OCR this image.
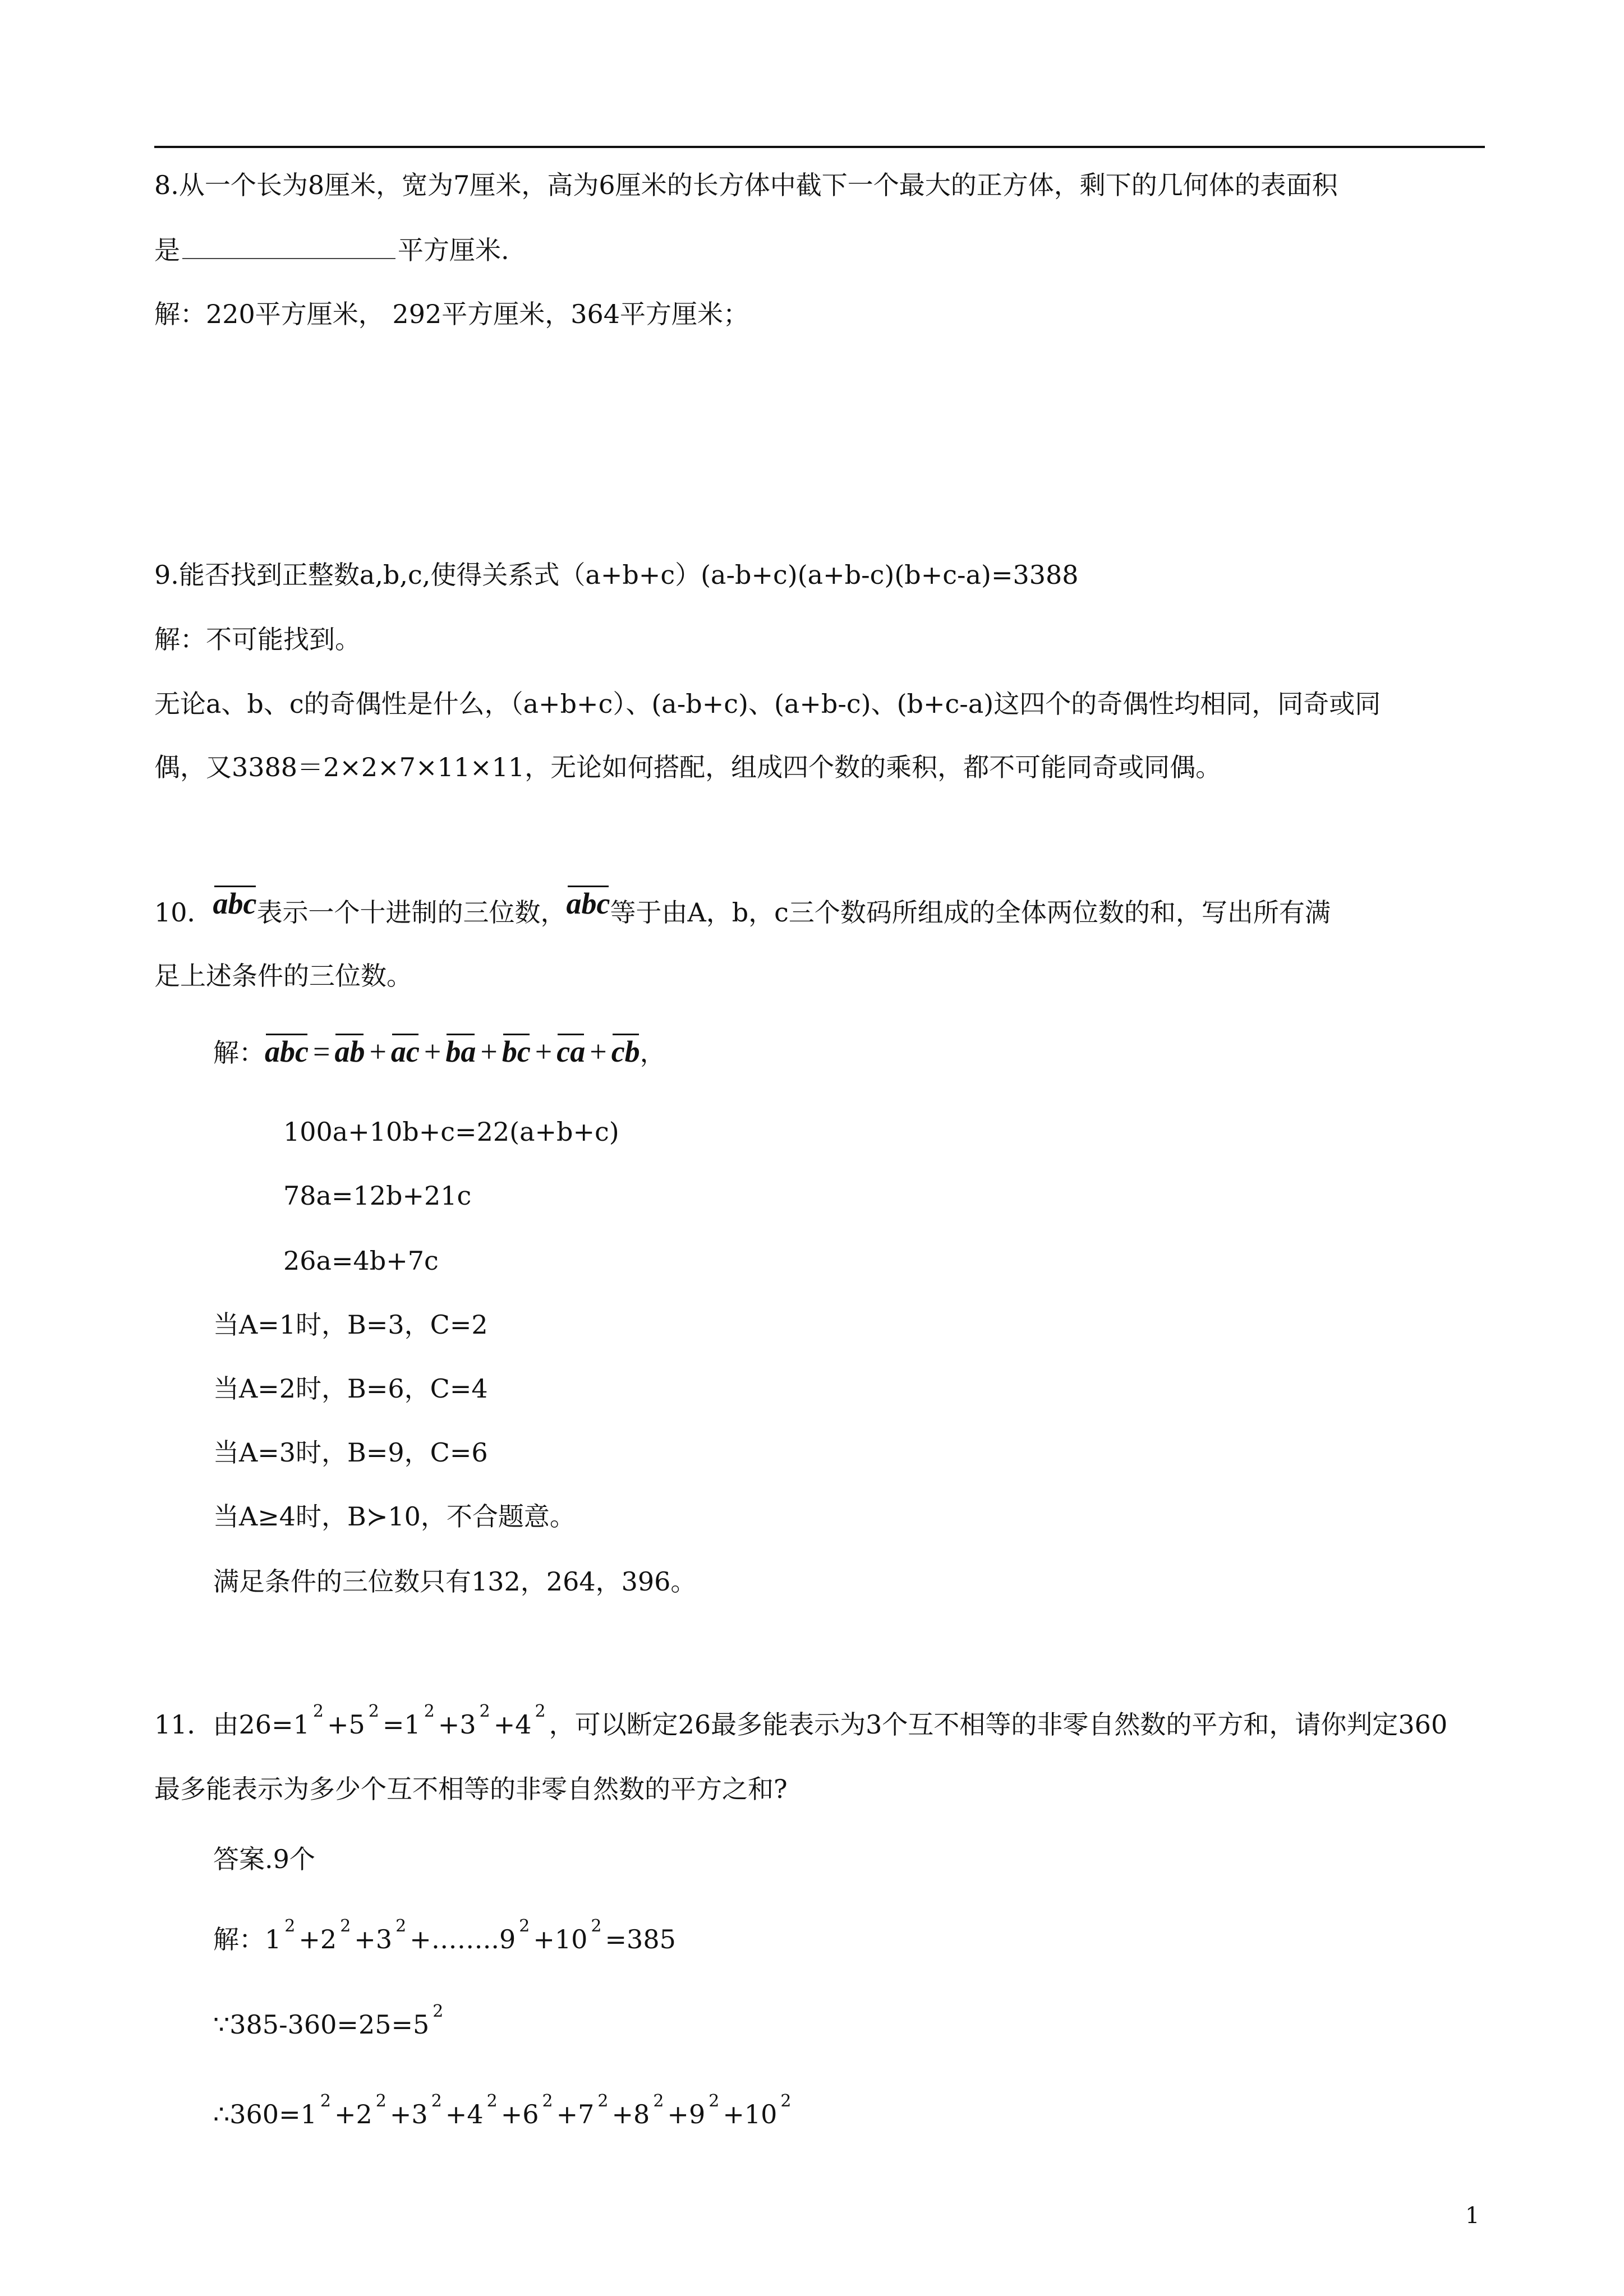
8.从一个长为8厘米，宽为7厘米，高为6厘米的长方体中截下一个最大的正方体，剩下的几何体的表面积
是	平方厘米.
解：220平方厘米， 292平方厘米，364平方厘米；
9.能否找到正整数a,b,c,使得关系式（a+b+c）(a-b+c)(a+b-c)(b+c-a)=3388
解：不可能找到。
无论a、b、c的奇偶性是什么，（a+b+c）、(a-b+c)、(a+b-c)、(b+c-a)这四个的奇偶性均相同，同奇或同
偶，又3388＝2×2×7×11×11，无论如何搭配，组成四个数的乘积，都不可能同奇或同偶。
10．abc表示一个十进制的三位数，abc等于由A，b，c三个数码所组成的全体两位数的和，写出所有满
足上述条件的三位数。
解：abc = ab + ac + ba + bc + ca + cb，
100a+10b+c=22(a+b+c)
78a=12b+21c
26a=4b+7c
当A=1时，B=3，C=2
当A=2时，B=6，C=4
当A=3时，B=9，C=6
当A≥4时，B≻10，不合题意。
满足条件的三位数只有132，264，396。
11．由26=1 $^2$ +5 $^2$ =1 $^2$ +3 $^2$ +4 $^2$ ，可以断定26最多能表示为3个互不相等的非零自然数的平方和，请你判定360
最多能表示为多少个互不相等的非零自然数的平方之和?
答案.9个
解：1 $^2$ +2 $^2$ +3 $^2$ +……..9 $^2$ +10 $^2$ =385
∵385-360=25=5 $^2$
∴360=1 $^2$ +2 $^2$ +3 $^2$ +4 $^2$ +6 $^2$ +7 $^2$ +8 $^2$ +9 $^2$ +10 $^2$
1
